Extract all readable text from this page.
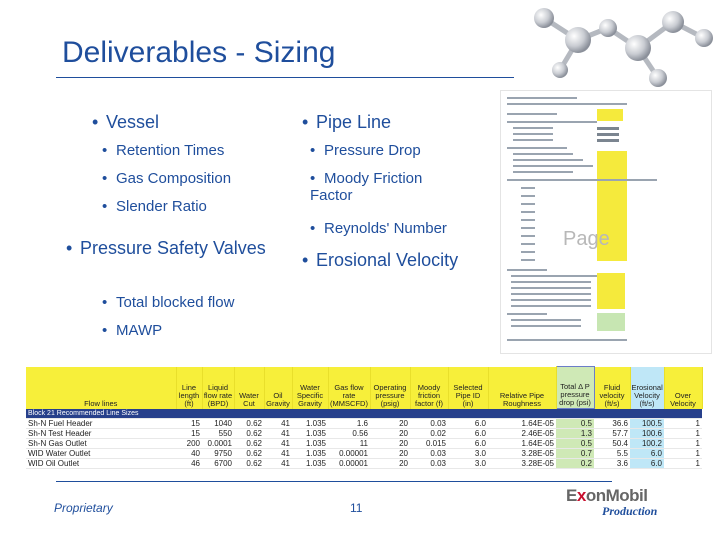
Deliverables - Sizing
• Vessel
• Retention Times
• Gas Composition
• Slender Ratio
• Pressure Safety Valves
• Total blocked flow
• MAWP
• Pipe Line
• Pressure Drop
• Moody Friction Factor
• Reynolds' Number
• Erosional Velocity
Page
Flow lines	Line length (ft)	Liquid flow rate (BPD)	Water Cut	Oil Gravity	Water Specific Gravity	Gas flow rate (MMSCFD)	Operating pressure (psig)	Moody friction factor (f)	Selected Pipe ID (in)	Relative Pipe Roughness	Total Δ P pressure drop (psi)	Fluid velocity (ft/s)	Erosional Velocity (ft/s)	Over Velocity
Block 21 Recommended Line Sizes														
Sh-N Fuel Header	15	1040	0.62	41	1.035	1.6	20	0.03	6.0	1.64E-05	0.5	36.6	100.5	1
Sh-N Test Header	15	550	0.62	41	1.035	0.56	20	0.02	6.0	2.46E-05	1.3	57.7	100.6	1
Sh-N Gas Outlet	200	0.0001	0.62	41	1.035	11	20	0.015	6.0	1.64E-05	0.5	50.4	100.2	1
WID Water Outlet	40	9750	0.62	41	1.035	0.00001	20	0.03	3.0	3.28E-05	0.7	5.5	6.0	1
WID Oil Outlet	46	6700	0.62	41	1.035	0.00001	20	0.03	3.0	3.28E-05	0.2	3.6	6.0	1
Proprietary	11
ExonMobil
Production
